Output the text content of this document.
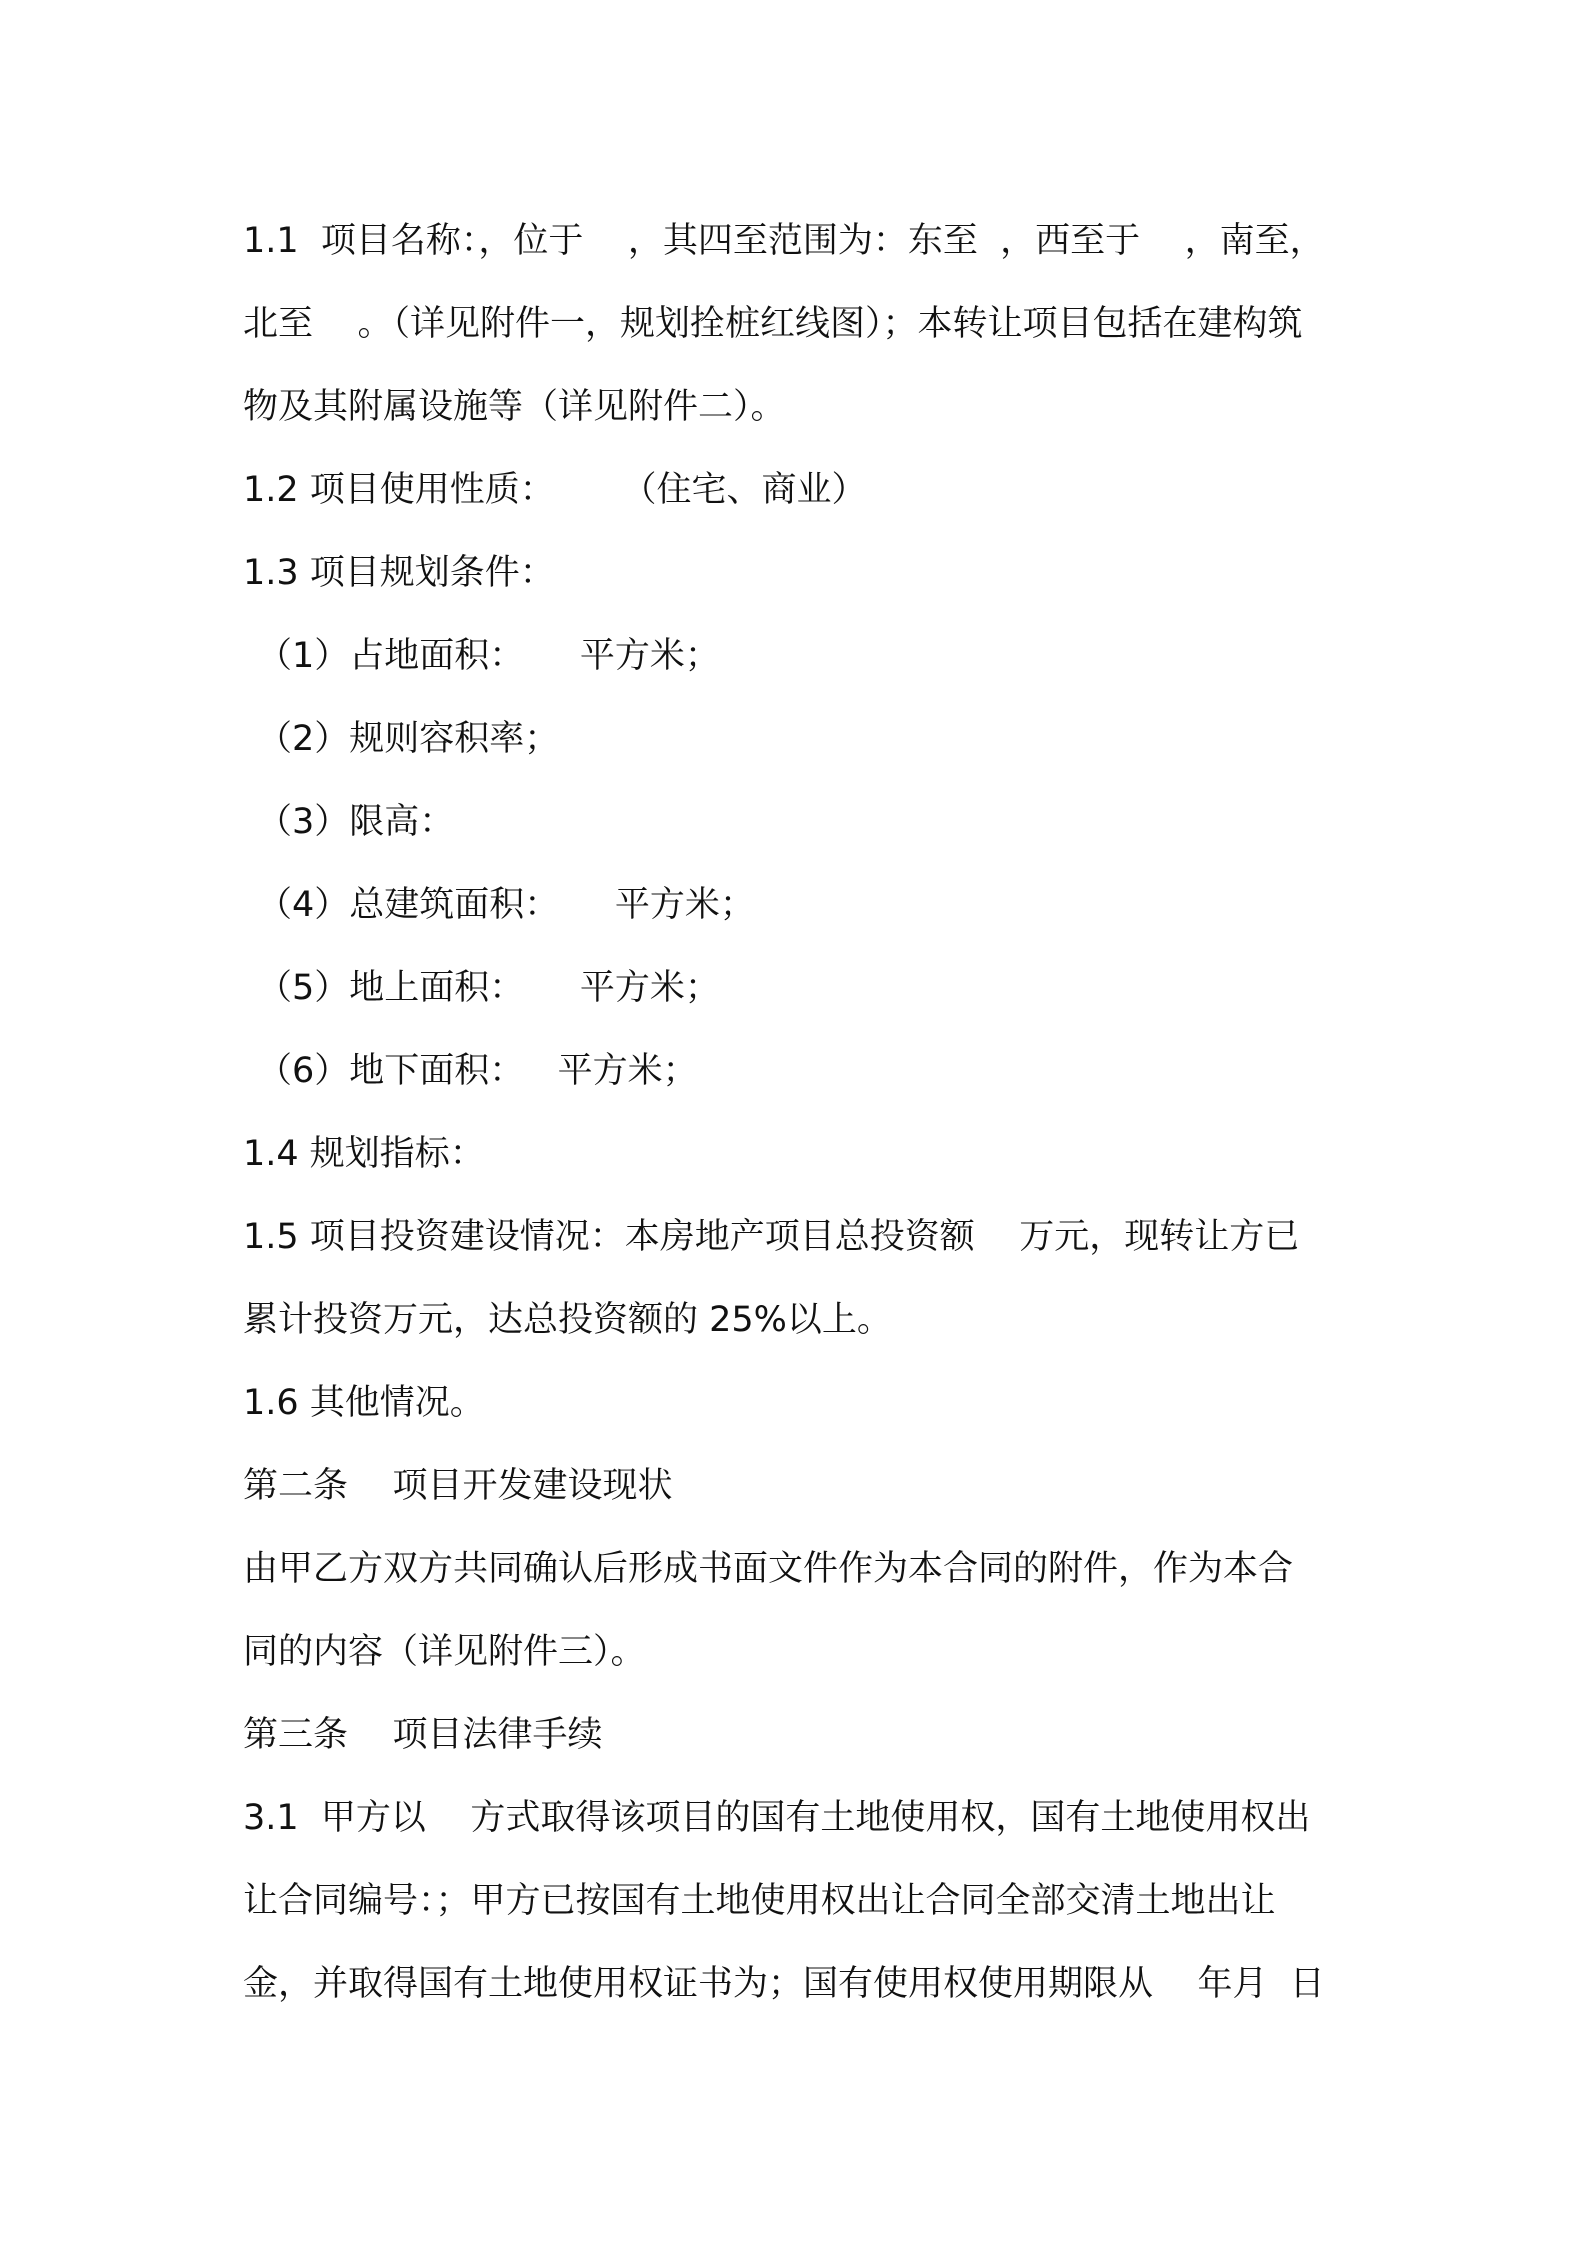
1.1  项目名称：，位于    ，其四至范围为：东至  ，西至于    ，南至，
北至    。（详见附件一，规划拴桩红线图）；本转让项目包括在建构筑
物及其附属设施等（详见附件二）。
1.2 项目使用性质：      （住宅、商业）
1.3 项目规划条件：
（1）占地面积：     平方米；
（2）规则容积率；
（3）限高：
（4）总建筑面积：     平方米；
（5）地上面积：     平方米；
（6）地下面积：   平方米；
1.4 规划指标：
1.5 项目投资建设情况：本房地产项目总投资额    万元，现转让方已
累计投资万元，达总投资额的 25%以上。
1.6 其他情况。
第二条    项目开发建设现状
由甲乙方双方共同确认后形成书面文件作为本合同的附件，作为本合
同的内容（详见附件三）。
第三条    项目法律手续
3.1  甲方以    方式取得该项目的国有土地使用权，国有土地使用权出
让合同编号：；甲方已按国有土地使用权出让合同全部交清土地出让
金，并取得国有土地使用权证书为；国有使用权使用期限从    年月  日
